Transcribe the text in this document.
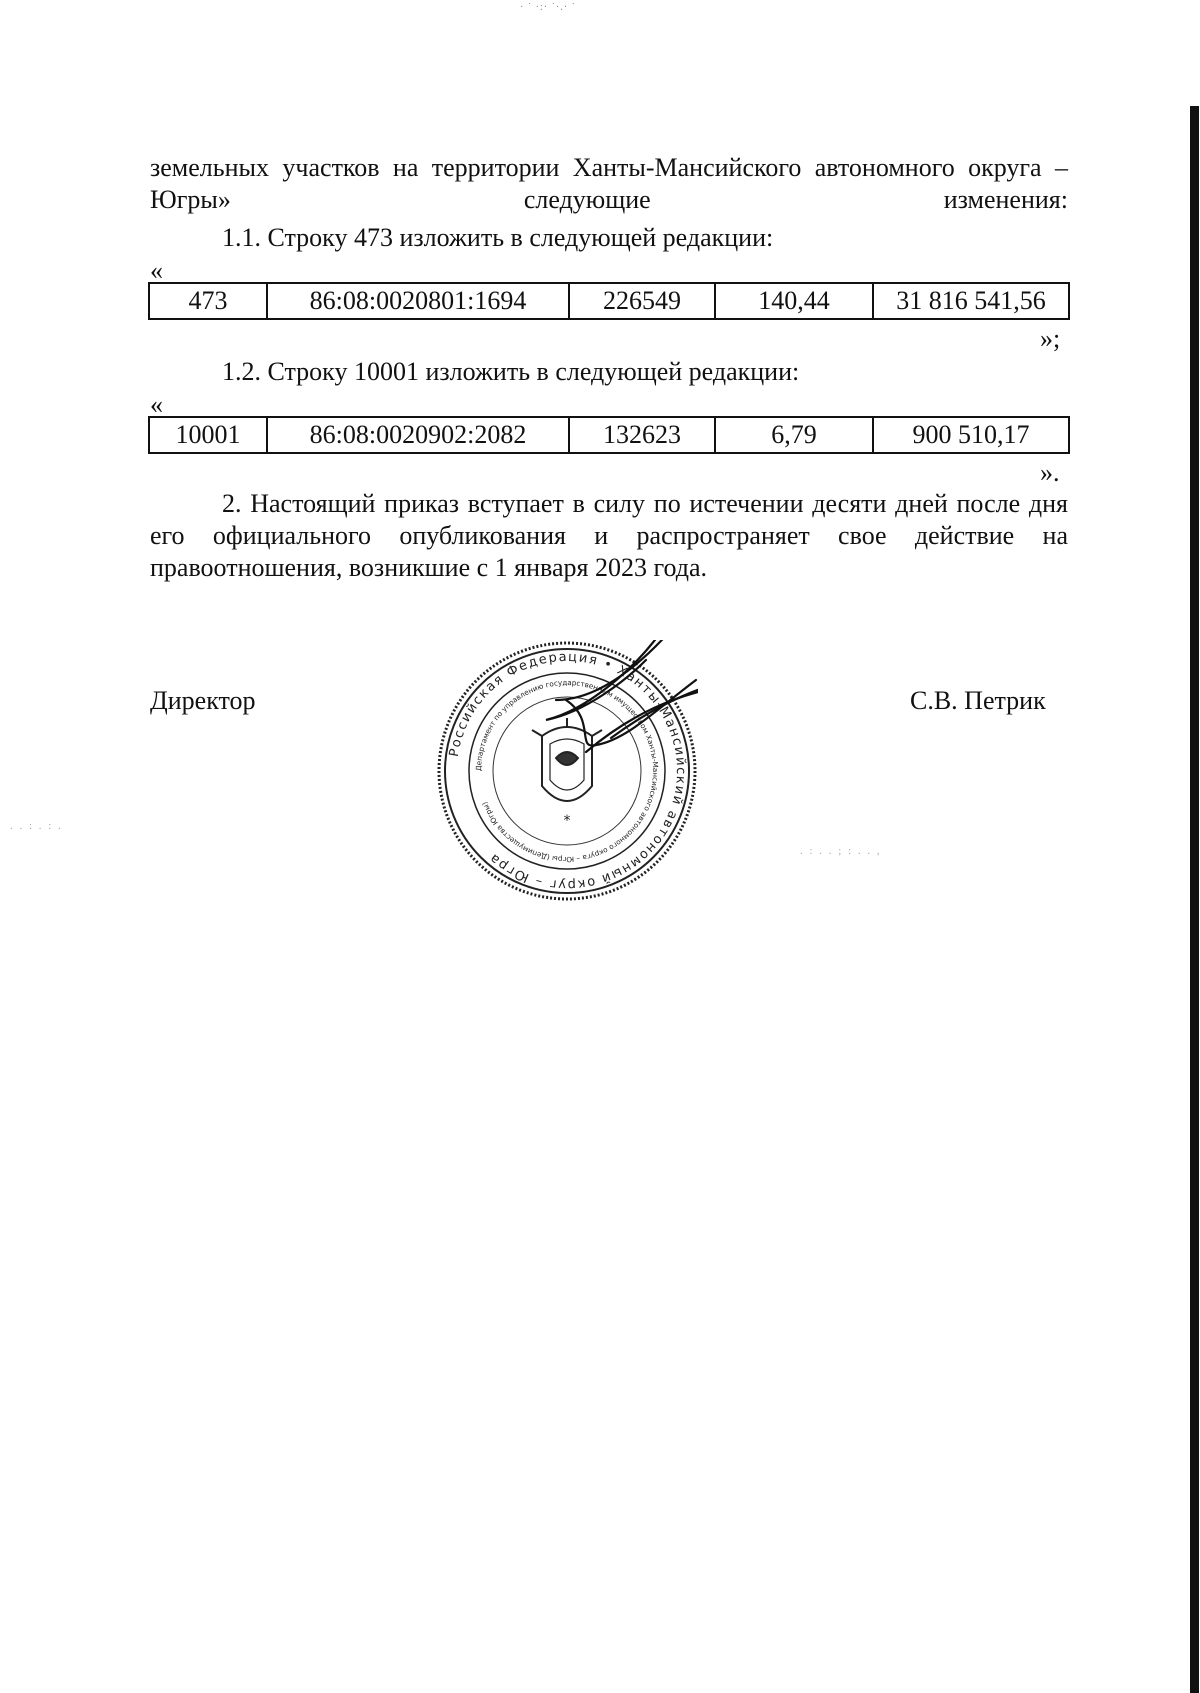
· ˙ ·:· ˙·.· ˙
. . : . : .
. : . . ; : . . ,
земельных участков на территории Ханты-Мансийского автономного округа – Югры» следующие изменения:
1.1. Строку 473 изложить в следующей редакции:
«
473	86:08:0020801:1694	226549	140,44	31 816 541,56
»;
1.2. Строку 10001 изложить в следующей редакции:
«
10001	86:08:0020902:2082	132623	6,79	900 510,17
».
2. Настоящий приказ вступает в силу по истечении десяти дней после дня его официального опубликования и распространяет свое действие на правоотношения, возникшие с 1 января 2023 года.
Директор	С.В. Петрик
Российская Федерация • Ханты-Мансийский автономный округ – Югра
Департамент по управлению государственным имуществом Ханты-Мансийского автономного округа – Югры (Депимущества Югры)
*
